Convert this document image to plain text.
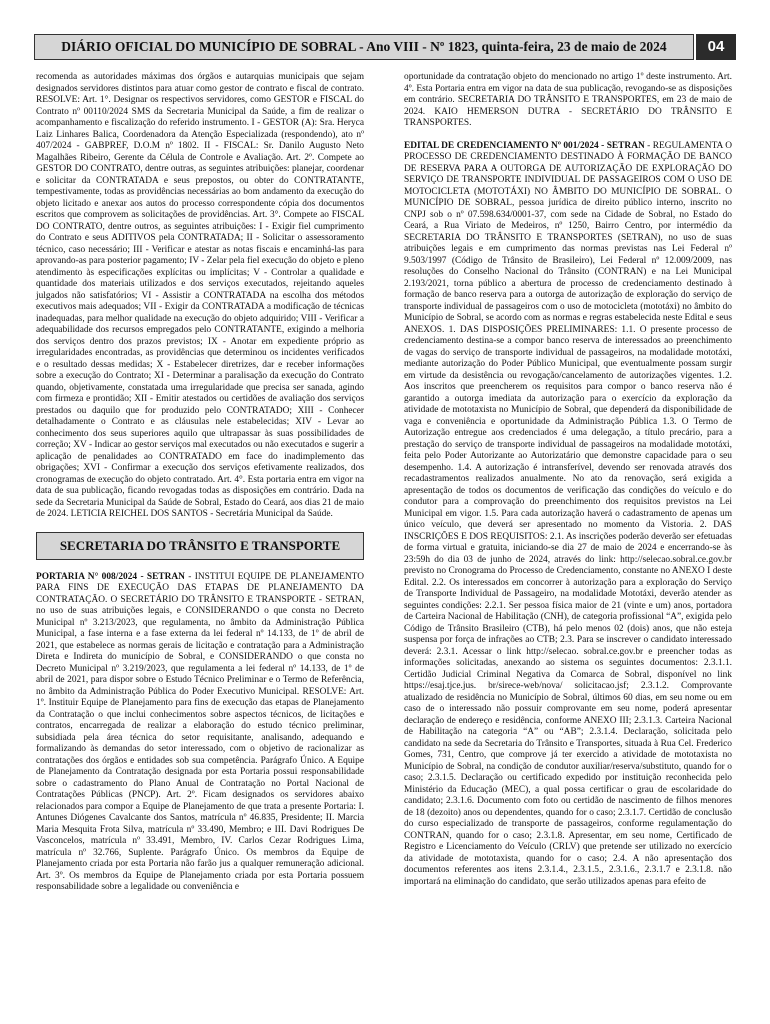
DIÁRIO OFICIAL DO MUNICÍPIO DE SOBRAL - Ano VIII - Nº 1823, quinta-feira, 23 de maio de 2024	04

recomenda as autoridades máximas dos órgãos e autarquias municipais que sejam designados servidores distintos para atuar como gestor de contrato e fiscal de contrato. RESOLVE: Art. 1°. Designar os respectivos servidores, como GESTOR e FISCAL do Contrato nº 00110/2024 SMS da Secretaria Municipal da Saúde, a fim de realizar o acompanhamento e fiscalização do referido instrumento. I - GESTOR (A): Sra. Heryca Laiz Linhares Balica, Coordenadora da Atenção Especializada (respondendo), ato nº 407/2024 - GABPREF, D.O.M nº 1802. II - FISCAL: Sr. Danilo Augusto Neto Magalhães Ribeiro, Gerente da Célula de Controle e Avaliação. Art. 2º. Compete ao GESTOR DO CONTRATO, dentre outras, as seguintes atribuições: planejar, coordenar e solicitar da CONTRATADA e seus prepostos, ou obter do CONTRATANTE, tempestivamente, todas as providências necessárias ao bom andamento da execução do objeto licitado e anexar aos autos do processo correspondente cópia dos documentos escritos que comprovem as solicitações de providências. Art. 3°. Compete ao FISCAL DO CONTRATO, dentre outros, as seguintes atribuições: I - Exigir fiel cumprimento do Contrato e seus ADITIVOS pela CONTRATADA; II - Solicitar o assessoramento técnico, caso necessário; III - Verificar e atestar as notas fiscais e encaminhá-las para aprovando-as para posterior pagamento; IV - Zelar pela fiel execução do objeto e pleno atendimento às especificações explícitas ou implícitas; V - Controlar a qualidade e quantidade dos materiais utilizados e dos serviços executados, rejeitando aqueles julgados não satisfatórios; VI - Assistir a CONTRATADA na escolha dos métodos executivos mais adequados; VII - Exigir da CONTRATADA a modificação de técnicas inadequadas, para melhor qualidade na execução do objeto adquirido; VIII - Verificar a adequabilidade dos recursos empregados pelo CONTRATANTE, exigindo a melhoria dos serviços dentro dos prazos previstos; IX - Anotar em expediente próprio as irregularidades encontradas, as providências que determinou os incidentes verificados e o resultado dessas medidas; X - Estabelecer diretrizes, dar e receber informações sobre a execução do Contrato; XI - Determinar a paralisação da execução do Contrato quando, objetivamente, constatada uma irregularidade que precisa ser sanada, agindo com firmeza e prontidão; XII - Emitir atestados ou certidões de avaliação dos serviços prestados ou daquilo que for produzido pelo CONTRATADO; XIII - Conhecer detalhadamente o Contrato e as cláusulas nele estabelecidas; XIV - Levar ao conhecimento dos seus superiores aquilo que ultrapassar às suas possibilidades de correção; XV - Indicar ao gestor serviços mal executados ou não executados e sugerir a aplicação de penalidades ao CONTRATADO em face do inadimplemento das obrigações; XVI - Confirmar a execução dos serviços efetivamente realizados, dos cronogramas de execução do objeto contratado. Art. 4°. Esta portaria entra em vigor na data de sua publicação, ficando revogadas todas as disposições em contrário. Dada na sede da Secretaria Municipal da Saúde de Sobral, Estado do Ceará, aos dias 21 de maio de 2024. LETICIA REICHEL DOS SANTOS - Secretária Municipal da Saúde.

SECRETARIA DO TRÂNSITO E TRANSPORTE

PORTARIA N° 008/2024 - SETRAN - INSTITUI EQUIPE DE PLANEJAMENTO PARA FINS DE EXECUÇÃO DAS ETAPAS DE PLANEJAMENTO DA CONTRATAÇÃO. O SECRETÁRIO DO TRÂNSITO E TRANSPORTE - SETRAN, no uso de suas atribuições legais, e CONSIDERANDO o que consta no Decreto Municipal nº 3.213/2023, que regulamenta, no âmbito da Administração Pública Municipal, a fase interna e a fase externa da lei federal nº 14.133, de 1º de abril de 2021, que estabelece as normas gerais de licitação e contratação para a Administração Direta e Indireta do município de Sobral, e CONSIDERANDO o que consta no Decreto Municipal nº 3.219/2023, que regulamenta a lei federal nº 14.133, de 1º de abril de 2021, para dispor sobre o Estudo Técnico Preliminar e o Termo de Referência, no âmbito da Administração Pública do Poder Executivo Municipal. RESOLVE: Art. 1º. Instituir Equipe de Planejamento para fins de execução das etapas de Planejamento da Contratação o que inclui conhecimentos sobre aspectos técnicos, de licitações e contratos, encarregada de realizar a elaboração do estudo técnico preliminar, subsidiada pela área técnica do setor requisitante, analisando, adequando e formalizando às demandas do setor interessado, com o objetivo de racionalizar as contratações dos órgãos e entidades sob sua competência. Parágrafo Único. A Equipe de Planejamento da Contratação designada por esta Portaria possui responsabilidade sobre o cadastramento do Plano Anual de Contratação no Portal Nacional de Contratações Públicas (PNCP). Art. 2º. Ficam designados os servidores abaixo relacionados para compor a Equipe de Planejamento de que trata a presente Portaria: I. Antunes Diógenes Cavalcante dos Santos, matrícula nº 46.835, Presidente; II. Marcia Maria Mesquita Frota Silva, matrícula nº 33.490, Membro; e III. Davi Rodrigues De Vasconcelos, matrícula nº 33.491, Membro, IV. Carlos Cezar Rodrigues Lima, matrícula nº 32.766, Suplente. Parágrafo Único. Os membros da Equipe de Planejamento criada por esta Portaria não farão jus a qualquer remuneração adicional. Art. 3º. Os membros da Equipe de Planejamento criada por esta Portaria possuem responsabilidade sobre a legalidade ou conveniência e

oportunidade da contratação objeto do mencionado no artigo 1º deste instrumento. Art. 4º. Esta Portaria entra em vigor na data de sua publicação, revogando-se as disposições em contrário. SECRETARIA DO TRÂNSITO E TRANSPORTES, em 23 de maio de 2024. KAIO HEMERSON DUTRA - SECRETÁRIO DO TRÂNSITO E TRANSPORTES.

EDITAL DE CREDENCIAMENTO Nº 001/2024 - SETRAN - REGULAMENTA O PROCESSO DE CREDENCIAMENTO DESTINADO À FORMAÇÃO DE BANCO DE RESERVA PARA A OUTORGA DE AUTORIZAÇÃO DE EXPLORAÇÃO DO SERVIÇO DE TRANSPORTE INDIVIDUAL DE PASSAGEIROS COM O USO DE MOTOCICLETA (MOTOTÁXI) NO ÂMBITO DO MUNICÍPIO DE SOBRAL. O MUNICÍPIO DE SOBRAL, pessoa jurídica de direito público interno, inscrito no CNPJ sob o nº 07.598.634/0001-37, com sede na Cidade de Sobral, no Estado do Ceará, a Rua Viriato de Medeiros, nº 1250, Bairro Centro, por intermédio da SECRETARIA DO TRÂNSITO E TRANSPORTES (SETRAN), no uso de suas atribuições legais e em cumprimento das normas previstas nas Lei Federal nº 9.503/1997 (Código de Trânsito de Brasileiro), Lei Federal nº 12.009/2009, nas resoluções do Conselho Nacional do Trânsito (CONTRAN) e na Lei Municipal 2.193/2021, torna público a abertura de processo de credenciamento destinado à formação de banco reserva para a outorga de autorização de exploração do serviço de transporte individual de passageiros com o uso de motocicleta (mototáxi) no âmbito do Município de Sobral, se acordo com as normas e regras estabelecida neste Edital e seus ANEXOS. 1. DAS DISPOSIÇÕES PRELIMINARES: 1.1. O presente processo de credenciamento destina-se a compor banco reserva de interessados ao preenchimento de vagas do serviço de transporte individual de passageiros, na modalidade mototáxi, mediante autorização do Poder Público Municipal, que eventualmente possam surgir em virtude da desistência ou revogação/cancelamento de autorizações vigentes. 1.2. Aos inscritos que preencherem os requisitos para compor o banco reserva não é garantido a outorga imediata da autorização para o exercício da exploração da atividade de mototaxista no Município de Sobral, que dependerá da disponibilidade de vaga e conveniência e oportunidade da Administração Pública 1.3. O Termo de Autorização entregue aos credenciados é uma delegação, a título precário, para a prestação do serviço de transporte individual de passageiros na modalidade mototáxi, feita pelo Poder Autorizante ao Autorizatário que demonstre capacidade para o seu desempenho. 1.4. A autorização é intransferível, devendo ser renovada através dos recadastramentos realizados anualmente. No ato da renovação, será exigida a apresentação de todos os documentos de verificação das condições do veículo e do condutor para a comprovação do preenchimento dos requisitos previstos na Lei Municipal em vigor. 1.5. Para cada autorização haverá o cadastramento de apenas um único veículo, que deverá ser apresentado no momento da Vistoria. 2. DAS INSCRIÇÕES E DOS REQUISITOS: 2.1. As inscrições poderão deverão ser efetuadas de forma virtual e gratuita, iniciando-se dia 27 de maio de 2024 e encerrando-se às 23:59h do dia 03 de junho de 2024, através do link: http://selecao.sobral.ce.gov.br previsto no Cronograma do Processo de Credenciamento, constante no ANEXO I deste Edital. 2.2. Os interessados em concorrer à autorização para a exploração do Serviço de Transporte Individual de Passageiro, na modalidade Mototáxi, deverão atender as seguintes condições: 2.2.1. Ser pessoa física maior de 21 (vinte e um) anos, portadora de Carteira Nacional de Habilitação (CNH), de categoria profissional “A”, exigida pelo Código de Trânsito Brasileiro (CTB), há pelo menos 02 (dois) anos, que não esteja suspensa por força de infrações ao CTB; 2.3. Para se inscrever o candidato interessado deverá: 2.3.1. Acessar o link http://selecao. sobral.ce.gov.br e preencher todas as informações solicitadas, anexando ao sistema os seguintes documentos: 2.3.1.1. Certidão Judicial Criminal Negativa da Comarca de Sobral, disponível no link https://esaj.tjce.jus. br/sirece-web/nova/ solicitacao.jsf; 2.3.1.2. Comprovante atualizado de residência no Município de Sobral, últimos 60 dias, em seu nome ou em caso de o interessado não possuir comprovante em seu nome, poderá apresentar declaração de endereço e residência, conforme ANEXO III; 2.3.1.3. Carteira Nacional de Habilitação na categoria “A” ou “AB”; 2.3.1.4. Declaração, solicitada pelo candidato na sede da Secretaria do Trânsito e Transportes, situada à Rua Cel. Frederico Gomes, 731, Centro, que comprove já ter exercido a atividade de mototaxista no Município de Sobral, na condição de condutor auxiliar/reserva/substituto, quando for o caso; 2.3.1.5. Declaração ou certificado expedido por instituição reconhecida pelo Ministério da Educação (MEC), a qual possa certificar o grau de escolaridade do candidato; 2.3.1.6. Documento com foto ou certidão de nascimento de filhos menores de 18 (dezoito) anos ou dependentes, quando for o caso; 2.3.1.7. Certidão de conclusão do curso especializado de transporte de passageiros, conforme regulamentação do CONTRAN, quando for o caso; 2.3.1.8. Apresentar, em seu nome, Certificado de Registro e Licenciamento do Veículo (CRLV) que pretende ser utilizado no exercício da atividade de mototaxista, quando for o caso; 2.4. A não apresentação dos documentos referentes aos itens 2.3.1.4., 2.3.1.5., 2.3.1.6., 2.3.1.7 e 2.3.1.8. não importará na eliminação do candidato, que serão utilizados apenas para efeito de
